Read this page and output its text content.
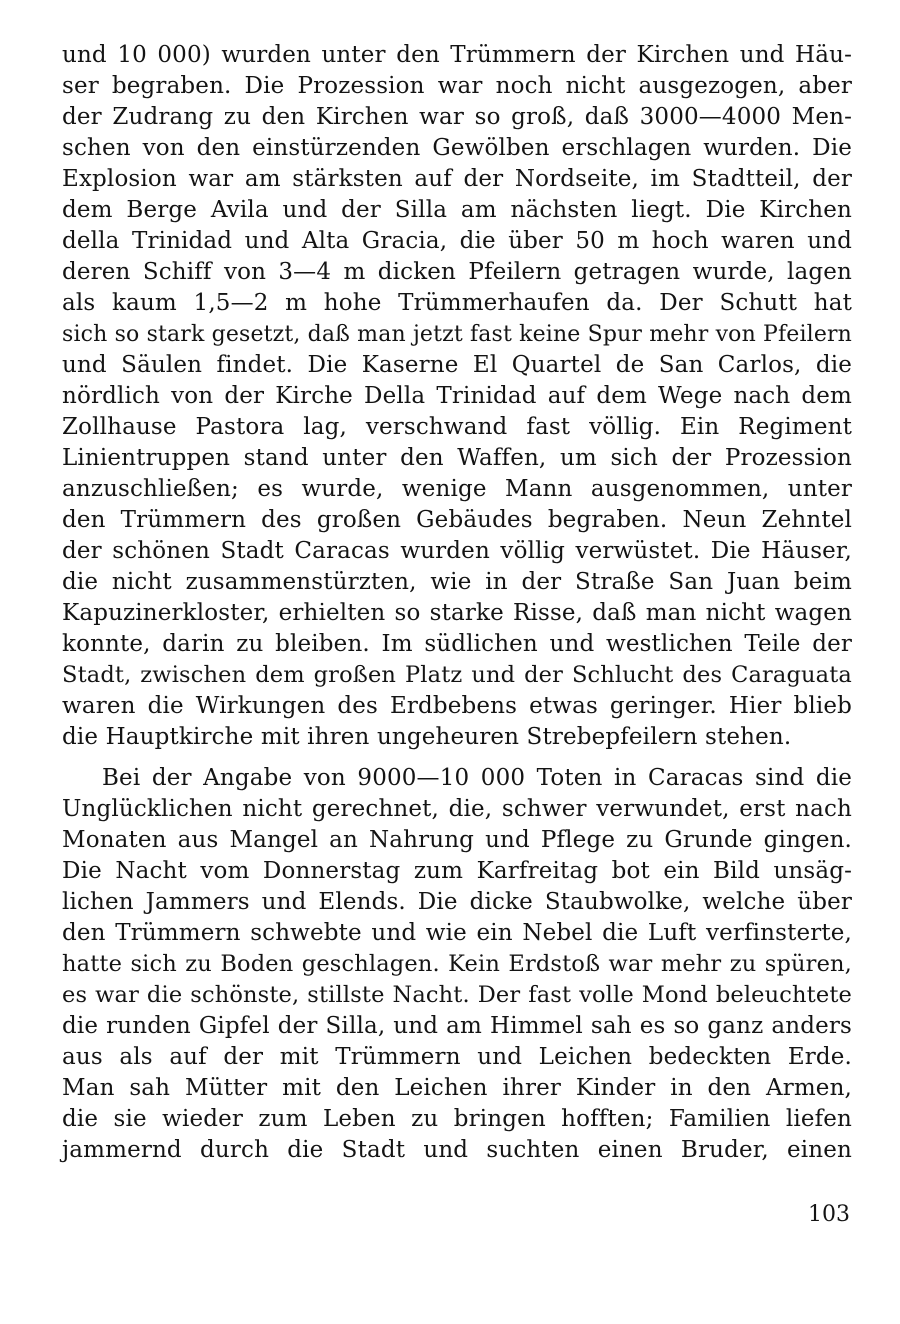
und 10 000) wurden unter den Trümmern der Kirchen und Häu-
ser begraben. Die Prozession war noch nicht ausgezogen, aber
der Zudrang zu den Kirchen war so groß, daß 3000—4000 Men-
schen von den einstürzenden Gewölben erschlagen wurden. Die
Explosion war am stärksten auf der Nordseite, im Stadtteil, der
dem Berge Avila und der Silla am nächsten liegt. Die Kirchen
della Trinidad und Alta Gracia, die über 50 m hoch waren und
deren Schiff von 3—4 m dicken Pfeilern getragen wurde, lagen
als kaum 1,5—2 m hohe Trümmerhaufen da. Der Schutt hat
sich so stark gesetzt, daß man jetzt fast keine Spur mehr von Pfeilern
und Säulen findet. Die Kaserne El Quartel de San Carlos, die
nördlich von der Kirche Della Trinidad auf dem Wege nach dem
Zollhause Pastora lag, verschwand fast völlig. Ein Regiment
Linientruppen stand unter den Waffen, um sich der Prozession
anzuschließen; es wurde, wenige Mann ausgenommen, unter
den Trümmern des großen Gebäudes begraben. Neun Zehntel
der schönen Stadt Caracas wurden völlig verwüstet. Die Häuser,
die nicht zusammenstürzten, wie in der Straße San Juan beim
Kapuzinerkloster, erhielten so starke Risse, daß man nicht wagen
konnte, darin zu bleiben. Im südlichen und westlichen Teile der
Stadt, zwischen dem großen Platz und der Schlucht des Caraguata
waren die Wirkungen des Erdbebens etwas geringer. Hier blieb
die Hauptkirche mit ihren ungeheuren Strebepfeilern stehen.
Bei der Angabe von 9000—10 000 Toten in Caracas sind die
Unglücklichen nicht gerechnet, die, schwer verwundet, erst nach
Monaten aus Mangel an Nahrung und Pflege zu Grunde gingen.
Die Nacht vom Donnerstag zum Karfreitag bot ein Bild unsäg-
lichen Jammers und Elends. Die dicke Staubwolke, welche über
den Trümmern schwebte und wie ein Nebel die Luft verfinsterte,
hatte sich zu Boden geschlagen. Kein Erdstoß war mehr zu spüren,
es war die schönste, stillste Nacht. Der fast volle Mond beleuchtete
die runden Gipfel der Silla, und am Himmel sah es so ganz anders
aus als auf der mit Trümmern und Leichen bedeckten Erde.
Man sah Mütter mit den Leichen ihrer Kinder in den Armen,
die sie wieder zum Leben zu bringen hofften; Familien liefen
jammernd durch die Stadt und suchten einen Bruder, einen
103
